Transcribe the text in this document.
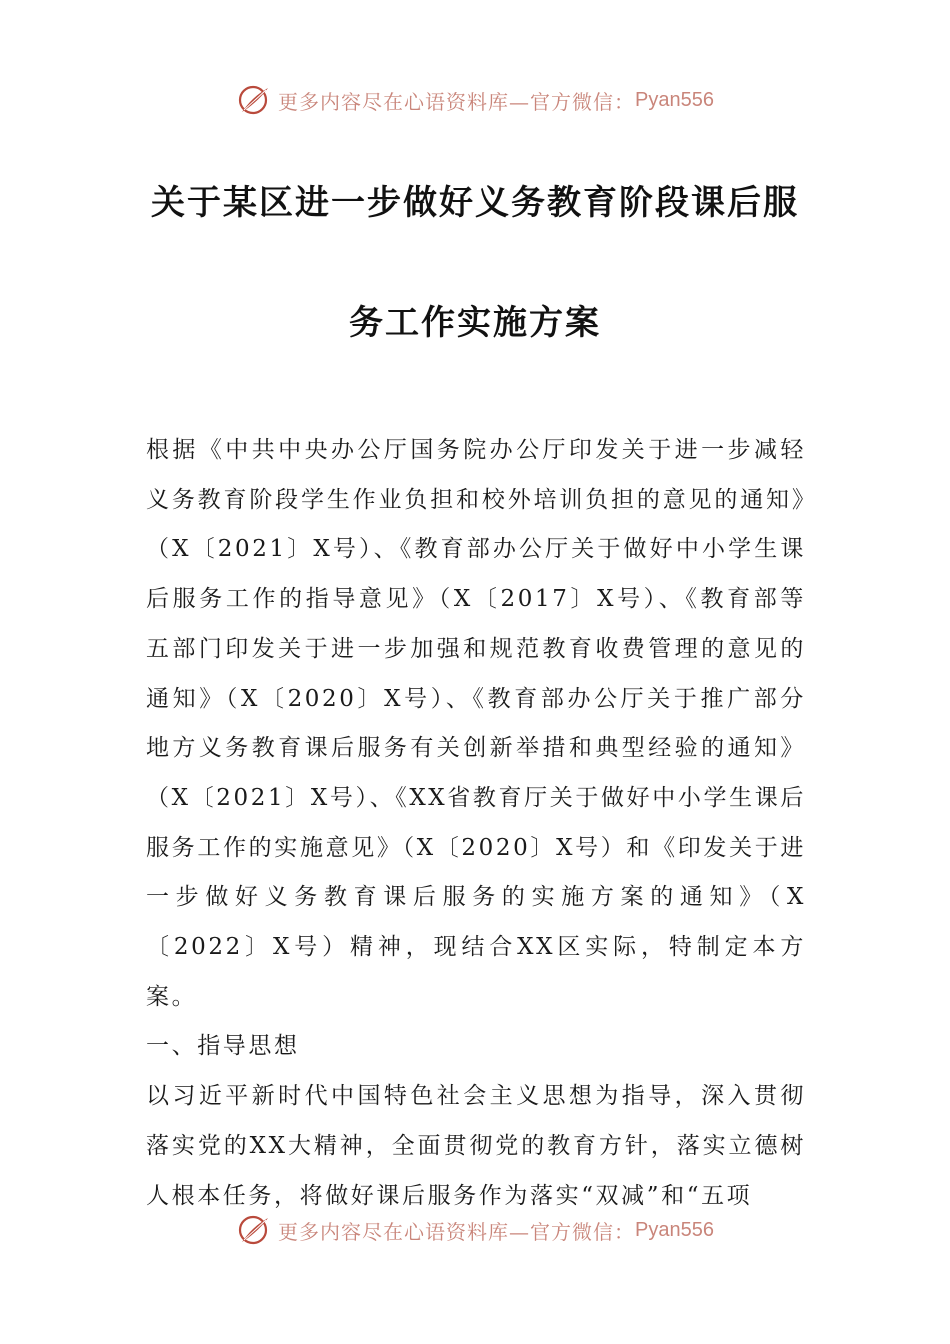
更多内容尽在心语资料库—官方微信： Pyan556
关于某区进一步做好义务教育阶段课后服
务工作实施方案

根据《中共中央办公厅国务院办公厅印发关于进一步减轻义务教育阶段学生作业负担和校外培训负担的意见的通知》（X〔2021〕X号）、《教育部办公厅关于做好中小学生课后服务工作的指导意见》（X〔2017〕X号）、《教育部等五部门印发关于进一步加强和规范教育收费管理的意见的通知》（X〔2020〕X号）、《教育部办公厅关于推广部分地方义务教育课后服务有关创新举措和典型经验的通知》（X〔2021〕X号）、《XX省教育厅关于做好中小学生课后服务工作的实施意见》（X〔2020〕X号）和《印发关于进一步做好义务教育课后服务的实施方案的通知》（X〔2022〕X号）精神，现结合XX区实际，特制定本方案。

一、指导思想

以习近平新时代中国特色社会主义思想为指导，深入贯彻落实党的XX大精神，全面贯彻党的教育方针，落实立德树人根本任务，将做好课后服务作为落实“双减”和“五项

更多内容尽在心语资料库—官方微信： Pyan556
